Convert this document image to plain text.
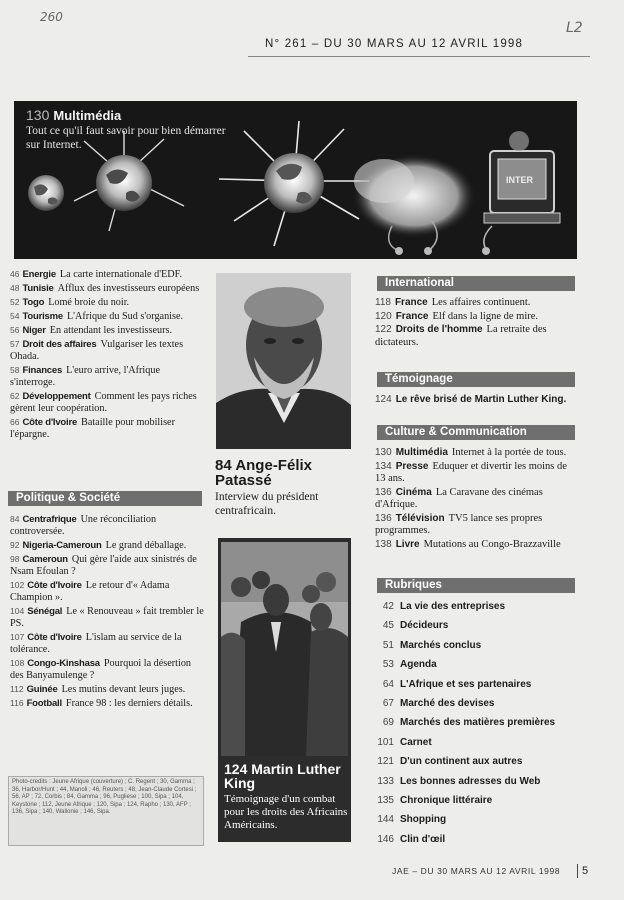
260
L2
N° 261 – DU 30 MARS AU 12 AVRIL 1998
INTER
130 Multimédia
Tout ce qu'il faut savoir pour bien démarrer sur Internet.
46 Energie La carte internationale d'EDF.
48 Tunisie Afflux des investisseurs européens
52 Togo Lomé broie du noir.
54 Tourisme L'Afrique du Sud s'organise.
56 Niger En attendant les investisseurs.
57 Droit des affaires Vulgariser les textes Ohada.
58 Finances L'euro arrive, l'Afrique s'interroge.
62 Développement Comment les pays riches gèrent leur coopération.
66 Côte d'Ivoire Bataille pour mobiliser l'épargne.
Politique & Société
84 Centrafrique Une réconciliation controversée.
92 Nigeria-Cameroun Le grand déballage.
98 Cameroun Qui gère l'aide aux sinistrés de Nsam Efoulan ?
102 Côte d'Ivoire Le retour d'« Adama Champion ».
104 Sénégal Le « Renouveau » fait trembler le PS.
107 Côte d'Ivoire L'islam au service de la tolérance.
108 Congo-Kinshasa Pourquoi la désertion des Banyamulenge ?
112 Guinée Les mutins devant leurs juges.
116 Football France 98 : les derniers détails.
Photo-credits : Jeune Afrique (couverture) ; C. Regent ; 30, Gamma ; 36, Harbor/Hunt ; 44, Manoli ; 46, Reuters ; 48, Jean-Claude Cortesi ; 56, AP ; 72, Corbis ; 84, Gamma ; 96, Pugliese ; 100, Sipa ; 104, Keystone ; 112, Jeune Afrique ; 120, Sipa ; 124, Rapho ; 130, AFP ; 136, Sipa ; 140, Wallonie ; 146, Sipa.
84 Ange-Félix Patassé
Interview du président centrafricain.
124 Martin Luther King
Témoignage d'un combat pour les droits des Africains Américains.
International
118 France Les affaires continuent.
120 France Elf dans la ligne de mire.
122 Droits de l'homme La retraite des dictateurs.
Témoignage
124 Le rêve brisé de Martin Luther King.
Culture & Communication
130 Multimédia Internet à la portée de tous.
134 Presse Eduquer et divertir les moins de 13 ans.
136 Cinéma La Caravane des cinémas d'Afrique.
136 Télévision TV5 lance ses propres programmes.
138 Livre Mutations au Congo-Brazzaville
Rubriques
42 La vie des entreprises
45 Décideurs
51 Marchés conclus
53 Agenda
64 L'Afrique et ses partenaires
67 Marché des devises
69 Marchés des matières premières
101 Carnet
121 D'un continent aux autres
133 Les bonnes adresses du Web
135 Chronique littéraire
144 Shopping
146 Clin d'œil
JAE – DU 30 MARS AU 12 AVRIL 1998	5
